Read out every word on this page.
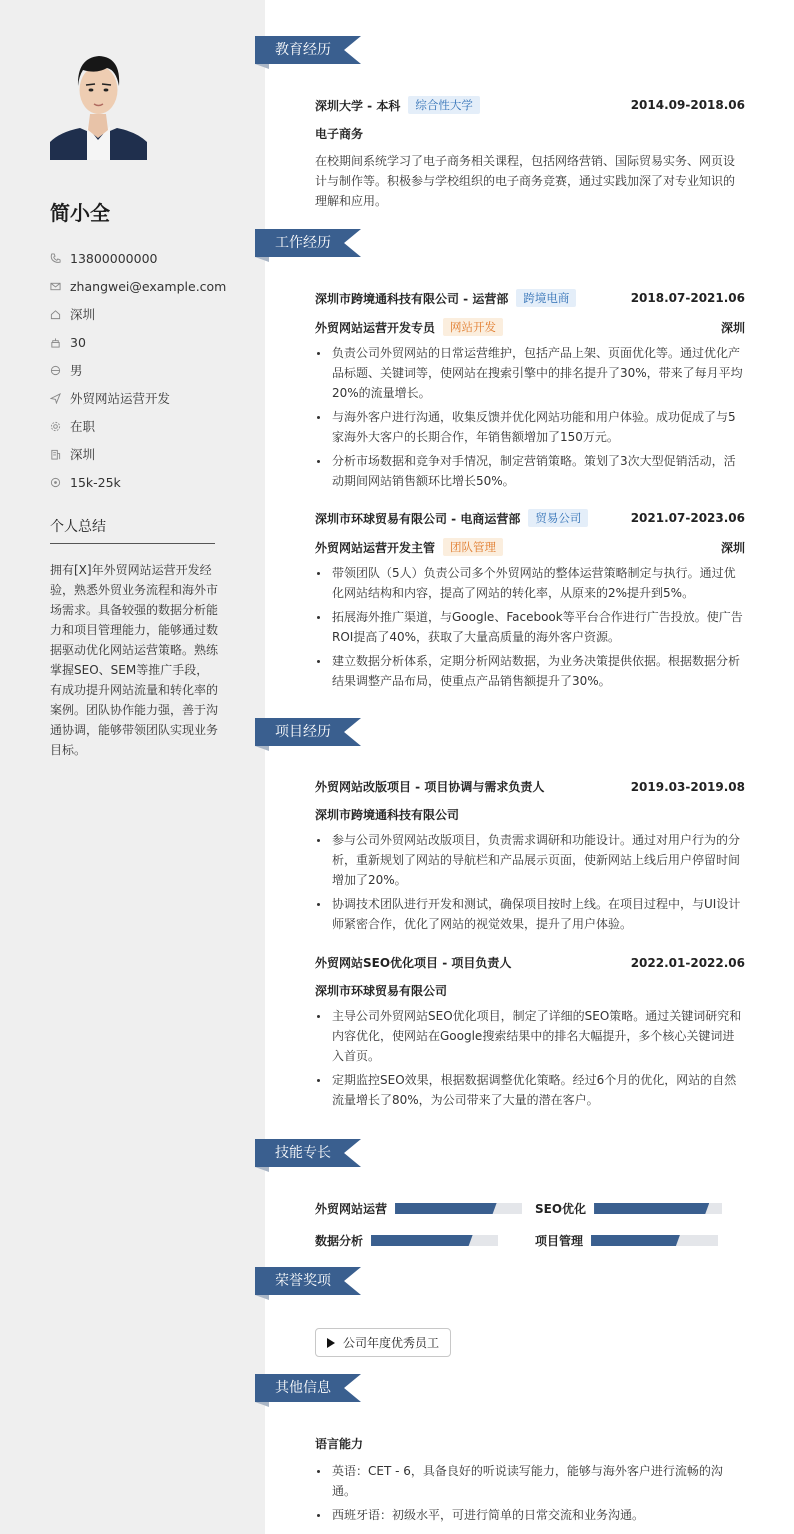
简小全
13800000000
zhangwei@example.com
深圳
30
男
外贸网站运营开发
在职
深圳
15k-25k
个人总结
拥有[X]年外贸网站运营开发经验，熟悉外贸业务流程和海外市场需求。具备较强的数据分析能力和项目管理能力，能够通过数据驱动优化网站运营策略。熟练掌握SEO、SEM等推广手段，有成功提升网站流量和转化率的案例。团队协作能力强，善于沟通协调，能够带领团队实现业务目标。
教育经历
深圳大学 - 本科	综合性大学	2014.09-2018.06
电子商务
在校期间系统学习了电子商务相关课程，包括网络营销、国际贸易实务、网页设计与制作等。积极参与学校组织的电子商务竞赛，通过实践加深了对专业知识的理解和应用。
工作经历
深圳市跨境通科技有限公司 - 运营部	跨境电商	2018.07-2021.06
外贸网站运营开发专员	网站开发	深圳
负责公司外贸网站的日常运营维护，包括产品上架、页面优化等。通过优化产品标题、关键词等，使网站在搜索引擎中的排名提升了30%，带来了每月平均20%的流量增长。
与海外客户进行沟通，收集反馈并优化网站功能和用户体验。成功促成了与5家海外大客户的长期合作，年销售额增加了150万元。
分析市场数据和竞争对手情况，制定营销策略。策划了3次大型促销活动，活动期间网站销售额环比增长50%。
深圳市环球贸易有限公司 - 电商运营部	贸易公司	2021.07-2023.06
外贸网站运营开发主管	团队管理	深圳
带领团队（5人）负责公司多个外贸网站的整体运营策略制定与执行。通过优化网站结构和内容，提高了网站的转化率，从原来的2%提升到5%。
拓展海外推广渠道，与Google、Facebook等平台合作进行广告投放。使广告ROI提高了40%，获取了大量高质量的海外客户资源。
建立数据分析体系，定期分析网站数据，为业务决策提供依据。根据数据分析结果调整产品布局，使重点产品销售额提升了30%。
项目经历
外贸网站改版项目 - 项目协调与需求负责人	2019.03-2019.08
深圳市跨境通科技有限公司
参与公司外贸网站改版项目，负责需求调研和功能设计。通过对用户行为的分析，重新规划了网站的导航栏和产品展示页面，使新网站上线后用户停留时间增加了20%。
协调技术团队进行开发和测试，确保项目按时上线。在项目过程中，与UI设计师紧密合作，优化了网站的视觉效果，提升了用户体验。
外贸网站SEO优化项目 - 项目负责人	2022.01-2022.06
深圳市环球贸易有限公司
主导公司外贸网站SEO优化项目，制定了详细的SEO策略。通过关键词研究和内容优化，使网站在Google搜索结果中的排名大幅提升，多个核心关键词进入首页。
定期监控SEO效果，根据数据调整优化策略。经过6个月的优化，网站的自然流量增长了80%，为公司带来了大量的潜在客户。
技能专长
外贸网站运营	SEO优化
数据分析	项目管理
荣誉奖项
公司年度优秀员工
其他信息
语言能力
英语：CET - 6，具备良好的听说读写能力，能够与海外客户进行流畅的沟通。
西班牙语：初级水平，可进行简单的日常交流和业务沟通。
